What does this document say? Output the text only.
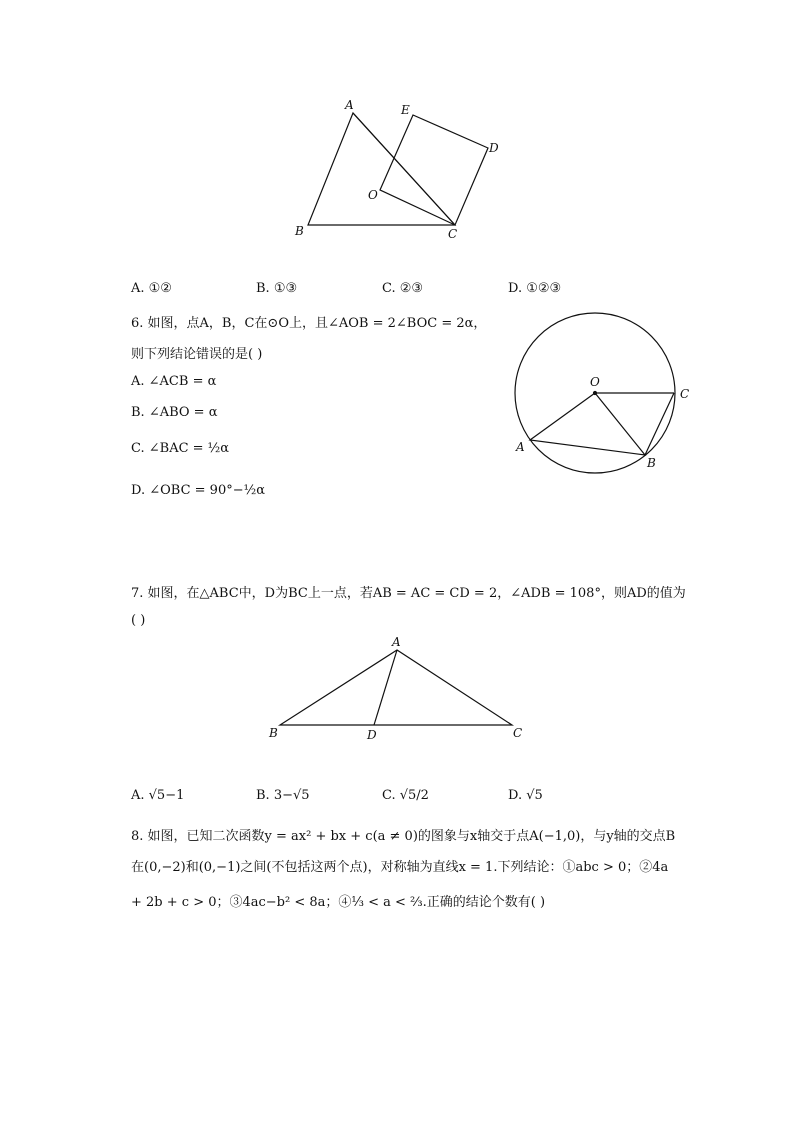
A	E
D
O
B	C
A. ①②	B. ①③	C. ②③	D. ①②③
6. 如图，点A，B，C在⊙O上，且∠AOB = 2∠BOC = 2α，
则下列结论错误的是( )
A. ∠ACB = α
B. ∠ABO = α
C. ∠BAC = ½α
D. ∠OBC = 90°−½α
O
C
A
B
7. 如图，在△ABC中，D为BC上一点，若AB = AC = CD = 2，∠ADB = 108°，则AD的值为
( )
A
B	D	C
A. √5−1	B. 3−√5	C. √5/2	D. √5
8. 如图，已知二次函数y = ax² + bx + c(a ≠ 0)的图象与x轴交于点A(−1,0)，与y轴的交点B
在(0,−2)和(0,−1)之间(不包括这两个点)，对称轴为直线x = 1.下列结论：①abc > 0；②4a
+ 2b + c > 0；③4ac−b² < 8a；④⅓ < a < ⅔.正确的结论个数有( )
